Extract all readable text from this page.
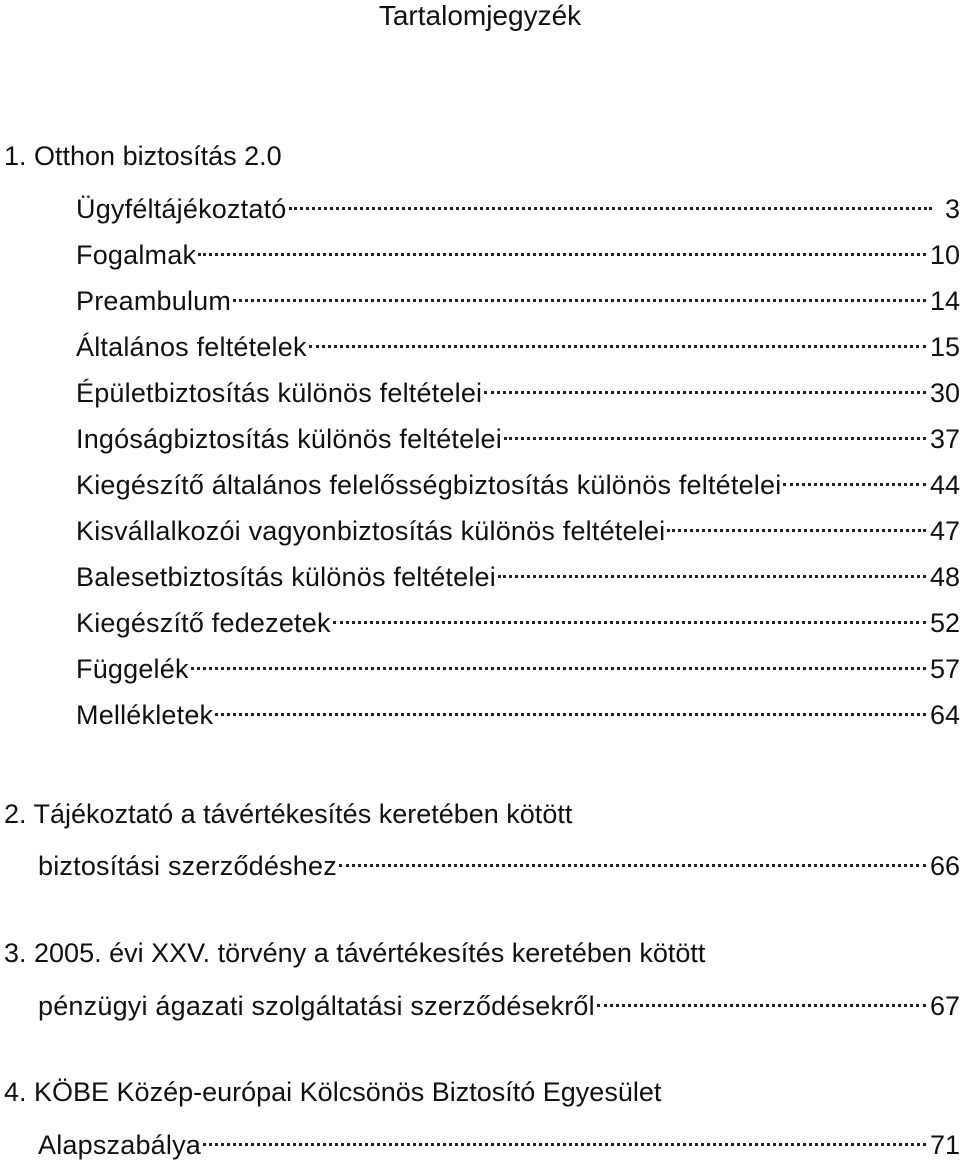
Tartalomjegyzék
1. Otthon biztosítás 2.0
Ügyféltájékoztató	3
Fogalmak	10
Preambulum	14
Általános feltételek	15
Épületbiztosítás különös feltételei	30
Ingóságbiztosítás különös feltételei	37
Kiegészítő általános felelősségbiztosítás különös feltételei	44
Kisvállalkozói vagyonbiztosítás különös feltételei	47
Balesetbiztosítás különös feltételei	48
Kiegészítő fedezetek	52
Függelék	57
Mellékletek	64
2. Tájékoztató a távértékesítés keretében kötött
biztosítási szerződéshez	66
3. 2005. évi XXV. törvény a távértékesítés keretében kötött
pénzügyi ágazati szolgáltatási szerződésekről	67
4. KÖBE Közép-európai Kölcsönös Biztosító Egyesület
Alapszabálya	71
